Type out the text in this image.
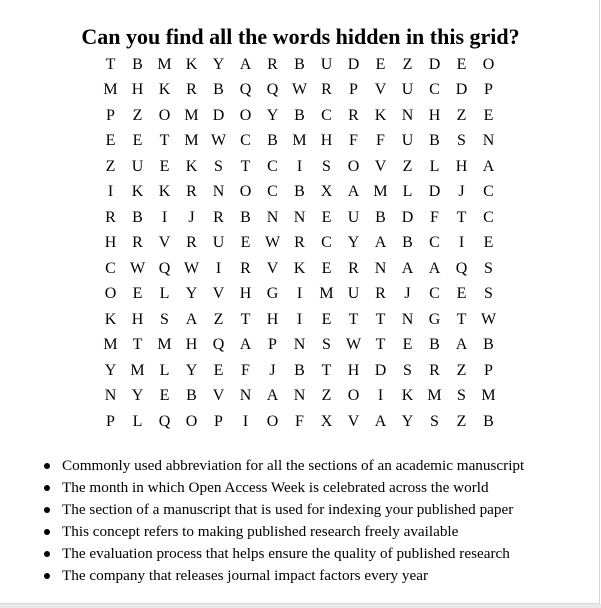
Can you find all the words hidden in this grid?
T	B M K Y A R	B U D	E	Z	D	E	O
M H K R	B Q Q W R	P	V U C D	P
P	Z	O M D O Y B	C	R K N H	Z	E
E	E	T M W C	B M H	F	F	U B	S	N
Z	U	E	K	S	T	C	I	S	O V	Z	L	H A
I	K K R N O C	B X A M L	D	J	C
R	B	I	J	R	B N N	E	U B D	F	T	C
H R V R U	E W R	C Y A B	C	I	E
C W Q W	I	R V K	E	R N A A Q	S
O	E	L	Y V H G	I	M U R	J	C	E	S
K H	S	A	Z	T	H	I	E	T	T	N G	T W
M T M H Q A	P	N	S W T	E	B A B
Y M L	Y	E	F	J	B	T	H D	S	R	Z	P
N Y	E	B V N A N	Z	O	I	K M S M
P	L	Q O	P	I	O	F	X V A Y	S	Z	B
Commonly used abbreviation for all the sections of an academic manuscript
The month in which Open Access Week is celebrated across the world
The section of a manuscript that is used for indexing your published paper
This concept refers to making published research freely available
The evaluation process that helps ensure the quality of published research
The company that releases journal impact factors every year
